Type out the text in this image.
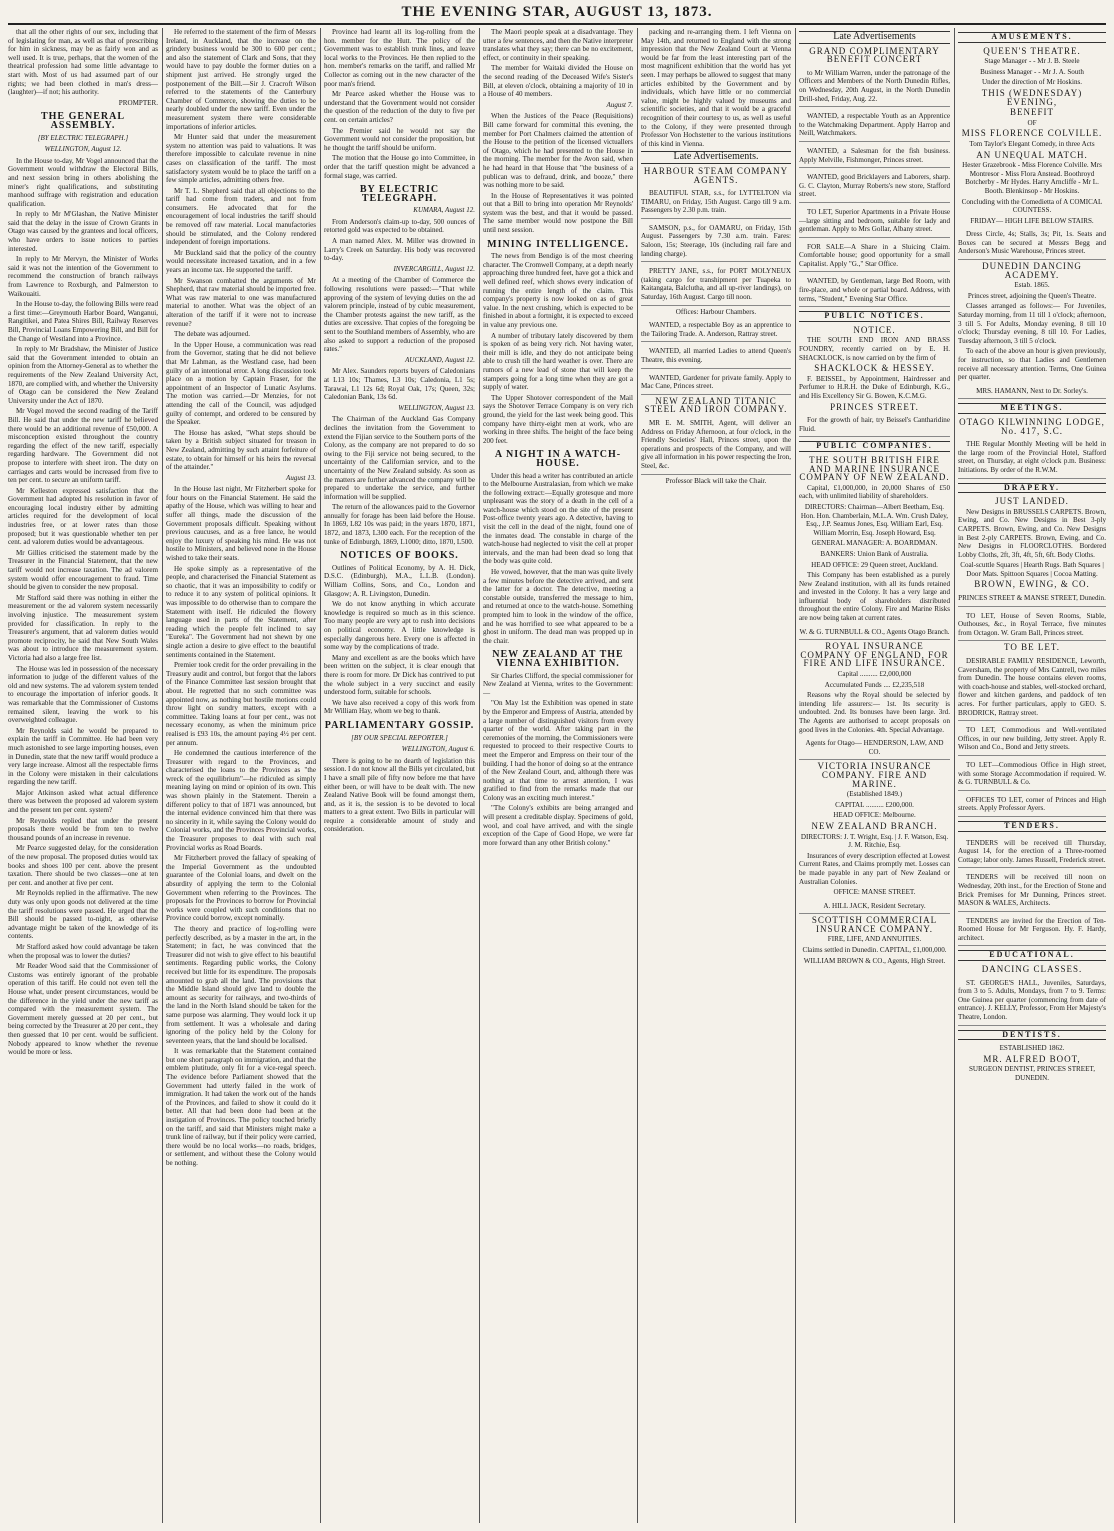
THE EVENING STAR, AUGUST 13, 1873.

that all the other rights of our sex, including that of legislating for man, as well as that of prescribing for him in sickness, may be as fairly won and as well used. It is true, perhaps, that the women of the theatrical profession had some little advantage to start with. Most of us had assumed part of our rights; we had been clothed in man's dress—(laughter)—if not; his authority.

PROMPTER.

THE GENERAL ASSEMBLY.
[BY ELECTRIC TELEGRAPH.]
WELLINGTON, August 12.

In the House to-day, Mr Vogel announced that the Government would withdraw the Electoral Bills, and next session bring in others abolishing the miner's right qualifications, and substituting manhood suffrage with registration and education qualification.

In reply to Mr M'Glashan, the Native Minister said that the delay in the issue of Crown Grants in Otago was caused by the grantees and local officers, who have orders to issue notices to parties interested.

In reply to Mr Mervyn, the Minister of Works said it was not the intention of the Government to recommend the construction of branch railways from Lawrence to Roxburgh, and Palmerston to Waikouaiti.

In the House to-day, the following Bills were read a first time:—Greymouth Harbor Board, Wanganui, Rangitikei, and Patea Shires Bill, Railway Reserves Bill, Provincial Loans Empowering Bill, and Bill for the Change of Westland into a Province.

In reply to Mr Bradshaw, the Minister of Justice said that the Government intended to obtain an opinion from the Attorney-General as to whether the requirements of the New Zealand University Act, 1870, are complied with, and whether the University of Otago can be considered the New Zealand University under the Act of 1870.

Mr Vogel moved the second reading of the Tariff Bill. He said that under the new tariff he believed there would be an additional revenue of £50,000. A misconception existed throughout the country regarding the effect of the new tariff, especially regarding hardware. The Government did not propose to interfere with sheet iron. The duty on carriages and carts would be increased from five to ten per cent. to secure an uniform tariff.

Mr Kelleston expressed satisfaction that the Government had adopted his resolution in favor of encouraging local industry either by admitting articles required for the development of local industries free, or at lower rates than those proposed; but it was questionable whether ten per cent. ad valorem duties would be advantageous.

Mr Gillies criticised the statement made by the Treasurer in the Financial Statement, that the new tariff would not increase taxation. The ad valorem system would offer encouragement to fraud. Time should be given to consider the new proposal.

Mr Stafford said there was nothing in either the measurement or the ad valorem system necessarily involving injustice. The measurement system provided for classification. In reply to the Treasurer's argument, that ad valorem duties would promote reciprocity, he said that New South Wales was about to introduce the measurement system. Victoria had also a large free list.

The House was led in possession of the necessary information to judge of the different values of the old and new systems. The ad valorem system tended to encourage the importation of inferior goods. It was remarkable that the Commissioner of Customs remained silent, leaving the work to his overweighted colleague.

Mr Reynolds said he would be prepared to explain the tariff in Committee. He had been very much astonished to see large importing houses, even in Dunedin, state that the new tariff would produce a very large increase. Almost all the respectable firms in the Colony were mistaken in their calculations regarding the new tariff.

Major Atkinson asked what actual difference there was between the proposed ad valorem system and the present ten per cent. system?

Mr Reynolds replied that under the present proposals there would be from ten to twelve thousand pounds of an increase in revenue.

Mr Pearce suggested delay, for the consideration of the new proposal. The proposed duties would tax books and shoes 100 per cent. above the present taxation. There should be two classes—one at ten per cent. and another at five per cent.

Mr Reynolds replied in the affirmative. The new duty was only upon goods not delivered at the time the tariff resolutions were passed. He urged that the Bill should be passed to-night, as otherwise advantage might be taken of the knowledge of its contents.

Mr Stafford asked how could advantage be taken when the proposal was to lower the duties?

Mr Reader Wood said that the Commissioner of Customs was entirely ignorant of the probable operation of this tariff. He could not even tell the House what, under present circumstances, would be the difference in the yield under the new tariff as compared with the measurement system. The Government merely guessed at 20 per cent., but being corrected by the Treasurer at 20 per cent., they then guessed that 10 per cent. would be sufficient. Nobody appeared to know whether the revenue would be more or less.

He referred to the statement of the firm of Messrs Ireland, in Auckland, that the increase on the grindery business would be 300 to 600 per cent.; and also the statement of Clark and Sons, that they would have to pay double the former duties on a shipment just arrived. He strongly urged the postponement of the Bill.—Sir J. Cracroft Wilson referred to the statements of the Canterbury Chamber of Commerce, showing the duties to be nearly doubled under the new tariff. Even under the measurement system there were considerable importations of inferior articles.

Mr Hunter said that under the measurement system no attention was paid to valuations. It was therefore impossible to calculate revenue in nine cases on classification of the tariff. The most satisfactory system would be to place the tariff on a few simple articles, admitting others free.

Mr T. L. Shepherd said that all objections to the tariff had come from traders, and not from consumers. He advocated that for the encouragement of local industries the tariff should be removed off raw material. Local manufactories should be stimulated, and the Colony rendered independent of foreign importations.

Mr Buckland said that the policy of the country would necessitate increased taxation, and in a few years an income tax. He supported the tariff.

Mr Swanson combatted the arguments of Mr Shepherd, that raw material should be imported free. What was raw material to one was manufactured material to another. What was the object of an alteration of the tariff if it were not to increase revenue?

The debate was adjourned.

In the Upper House, a communication was read from the Governor, stating that he did not believe that Mr Lahman, as the Westland case, had been guilty of an intentional error. A long discussion took place on a motion by Captain Fraser, for the appointment of an Inspector of Lunatic Asylums. The motion was carried.—Dr Menzies, for not attending the call of the Council, was adjudged guilty of contempt, and ordered to be censured by the Speaker.

The House has asked, "What steps should be taken by a British subject situated for treason in New Zealand, admitting by such attaint forfeiture of estate, to obtain for himself or his heirs the reversal of the attainder."

August 13.

In the House last night, Mr Fitzherbert spoke for four hours on the Financial Statement. He said the apathy of the House, which was willing to hear and suffer all things, made the discussion of the Government proposals difficult. Speaking without previous caucuses, and as a free lance, he would enjoy the luxury of speaking his mind. He was not hostile to Ministers, and believed none in the House wished to take their seats.

He spoke simply as a representative of the people, and characterised the Financial Statement as so chaotic, that it was an impossibility to codify or to reduce it to any system of political opinions. It was impossible to do otherwise than to compare the Statement with itself. He ridiculed the flowery language used in parts of the Statement, after reading which the people felt inclined to say "Eureka". The Government had not shewn by one single action a desire to give effect to the beautiful sentiments contained in the Statement.

Premier took credit for the order prevailing in the Treasury audit and control, but forgot that the labors of the Finance Committee last session brought that about. He regretted that no such committee was appointed now, as nothing but hostile motions could throw light on sundry matters, except with a committee. Taking loans at four per cent., was not necessary economy, as when the minimum price realised is £93 10s, the amount paying 4½ per cent. per annum.

He condemned the cautious interference of the Treasurer with regard to the Provinces, and characterised the loans to the Provinces as "the wreck of the equilibrium"—he ridiculed as simply meaning laying on mind or opinion of its own. This was shown plainly in the Statement. Therein a different policy to that of 1871 was announced, but the internal evidence convinced him that there was no sincerity in it, while saying the Colony would do Colonial works, and the Provinces Provincial works, the Treasurer proposes to deal with such real Provincial works as Road Boards.

Mr Fitzherbert proved the fallacy of speaking of the Imperial Government as the undoubted guarantee of the Colonial loans, and dwelt on the absurdity of applying the term to the Colonial Government when referring to the Provinces. The proposals for the Provinces to borrow for Provincial works were coupled with such conditions that no Province could borrow, except nominally.

The theory and practice of log-rolling were perfectly described, as by a master in the art, in the Statement; in fact, he was convinced that the Treasurer did not wish to give effect to his beautiful sentiments. Regarding public works, the Colony received but little for its expenditure. The proposals amounted to grab all the land. The provisions that the Middle Island should give land to double the amount as security for railways, and two-thirds of the land in the North Island should be taken for the same purpose was alarming. They would lock it up from settlement. It was a wholesale and daring ignoring of the policy held by the Colony for seventeen years, that the land should be localised.

It was remarkable that the Statement contained but one short paragraph on immigration, and that the emblem plutitude, only fit for a vice-regal speech. The evidence before Parliament showed that the Government had utterly failed in the work of immigration. It had taken the work out of the hands of the Provinces, and failed to show it could do it better. All that had been done had been at the instigation of Provinces. The policy touched briefly on the tariff, and said that Ministers might make a trunk line of railway, but if their policy were carried, there would be no local works—no roads, bridges, or settlement, and without these the Colony would be nothing.

Province had learnt all its log-rolling from the hon. member for the Hutt. The policy of the Government was to establish trunk lines, and leave local works to the Provinces. He then replied to the hon. member's remarks on the tariff, and rallied Mr Collector as coming out in the new character of the poor man's friend.

Mr Pearce asked whether the House was to understand that the Government would not consider the question of the reduction of the duty to five per cent. on certain articles?

The Premier said he would not say the Government would not consider the proposition, but he thought the tariff should be uniform.

The motion that the House go into Committee, in order that the tariff question might be advanced a formal stage, was carried.

BY ELECTRIC TELEGRAPH.
KUMARA, August 12.

From Anderson's claim-up to-day, 500 ounces of retorted gold was expected to be obtained.

A man named Alex. M. Miller was drowned in Larry's Creek on Saturday. His body was recovered to-day.

INVERCARGILL, August 12.

At a meeting of the Chamber of Commerce the following resolutions were passed:—"That while approving of the system of levying duties on the ad valorem principle, instead of by cubic measurement, the Chamber protests against the new tariff, as the duties are excessive. That copies of the foregoing be sent to the Southland members of Assembly, who are also asked to support a reduction of the proposed rates."

AUCKLAND, August 12.

Mr Alex. Saunders reports buyers of Caledonians at L13 10s; Thames, L3 10s; Caledonia, L1 5s; Tarawai, L1 12s 6d; Royal Oak, 17s; Queen, 32s; Caledonian Bank, 13s 6d.

WELLINGTON, August 13.

The Chairman of the Auckland Gas Company declines the invitation from the Government to extend the Fijian service to the Southern ports of the Colony, as the company are not prepared to do so owing to the Fiji service not being secured, to the uncertainty of the Californian service, and to the uncertainty of the New Zealand subsidy. As soon as the matters are further advanced the company will be prepared to undertake the service, and further information will be supplied.

The return of the allowances paid to the Governor annually for forage has been laid before the House. In 1869, L82 10s was paid; in the years 1870, 1871, 1872, and 1873, L300 each. For the reception of the tunke of Edinburgh, 1869, L1000; ditto, 1870, L500.

NOTICES OF BOOKS.

Outlines of Political Economy, by A. H. Dick, D.S.C. (Edinburgh), M.A., L.L.B. (London). William Collins, Sons, and Co., London and Glasgow; A. R. Livingston, Dunedin.

We do not know anything in which accurate knowledge is required so much as in this science. Too many people are very apt to rush into decisions on political economy. A little knowledge is especially dangerous here. Every one is affected in some way by the complications of trade.

Many and excellent as are the books which have been written on the subject, it is clear enough that there is room for more. Dr Dick has contrived to put the whole subject in a very succinct and easily understood form, suitable for schools.

We have also received a copy of this work from Mr William Hay, whom we beg to thank.

PARLIAMENTARY GOSSIP.
[BY OUR SPECIAL REPORTER.]
WELLINGTON, August 6.

There is going to be no dearth of legislation this session. I do not know all the Bills yet circulated, but I have a small pile of fifty now before me that have either been, or will have to be dealt with. The new Zealand Native Book will be found amongst them, and, as it is, the session is to be devoted to local matters to a great extent. Two Bills in particular will require a considerable amount of study and consideration.

The Maori people speak at a disadvantage. They utter a few sentences, and then the Native interpreter translates what they say; there can be no excitement, effect, or continuity in their speaking.

The member for Waitaki divided the House on the second reading of the Deceased Wife's Sister's Bill, at eleven o'clock, obtaining a majority of 10 in a House of 40 members.

August 7.

When the Justices of the Peace (Requisitions) Bill came forward for committal this evening, the member for Port Chalmers claimed the attention of the House to the petition of the licensed victuallers of Otago, which he had presented to the House in the morning. The member for the Avon said, when he had heard in that House that "the business of a publican was to defraud, drink, and booze," there was nothing more to be said.

In the House of Representatives it was pointed out that a Bill to bring into operation Mr Reynolds' system was the best, and that it would be passed. The same member would now postpone the Bill until next session.

MINING INTELLIGENCE.

The news from Bendigo is of the most cheering character. The Cromwell Company, at a depth nearly approaching three hundred feet, have got a thick and well defined reef, which shows every indication of running the entire length of the claim. This company's property is now looked on as of great value. In the next crushing, which is expected to be finished in about a fortnight, it is expected to exceed in value any previous one.

A number of tributary lately discovered by them is spoken of as being very rich. Not having water, their mill is idle, and they do not anticipate being able to crush till the hard weather is over. There are rumors of a new lead of stone that will keep the stampers going for a long time when they are got a supply of water.

The Upper Shotover correspondent of the Mail says the Shotover Terrace Company is on very rich ground, the yield for the last week being good. This company have thirty-eight men at work, who are working in three shifts. The height of the face being 200 feet.

A NIGHT IN A WATCH-HOUSE.

Under this head a writer has contributed an article to the Melbourne Australasian, from which we make the following extract:—Equally grotesque and more unpleasant was the story of a death in the cell of a watch-house which stood on the site of the present Post-office twenty years ago. A detective, having to visit the cell in the dead of the night, found one of the inmates dead. The constable in charge of the watch-house had neglected to visit the cell at proper intervals, and the man had been dead so long that the body was quite cold.

He vowed, however, that the man was quite lively a few minutes before the detective arrived, and sent the latter for a doctor. The detective, meeting a constable outside, transferred the message to him, and returned at once to the watch-house. Something prompted him to look in the window of the office, and he was horrified to see what appeared to be a ghost in uniform. The dead man was propped up in the chair.

NEW ZEALAND AT THE VIENNA EXHIBITION.

Sir Charles Clifford, the special commissioner for New Zealand at Vienna, writes to the Government:—

"On May 1st the Exhibition was opened in state by the Emperor and Empress of Austria, attended by a large number of distinguished visitors from every quarter of the world. After taking part in the ceremonies of the morning, the Commissioners were requested to proceed to their respective Courts to meet the Emperor and Empress on their tour of the building. I had the honor of doing so at the entrance of the New Zealand Court, and, although there was nothing at that time to arrest attention, I was gratified to find from the remarks made that our Colony was an exciting much interest."

"The Colony's exhibits are being arranged and will present a creditable display. Specimens of gold, wool, and coal have arrived, and with the single exception of the Cape of Good Hope, we were far more forward than any other British colony."

packing and re-arranging them. I left Vienna on May 14th, and returned to England with the strong impression that the New Zealand Court at Vienna would be far from the least interesting part of the most magnificent exhibition that the world has yet seen. I may perhaps be allowed to suggest that many articles exhibited by the Government and by individuals, which have little or no commercial value, might be highly valued by museums and scientific societies, and that it would be a graceful recognition of their courtesy to us, as well as useful to the Colony, if they were presented through Professor Von Hochstetter to the various institutions of this kind in Vienna.

Late Advertisements.
HARBOUR STEAM COMPANY AGENTS.

BEAUTIFUL STAR, s.s., for LYTTELTON via TIMARU, on Friday, 15th August. Cargo till 9 a.m. Passengers by 2.30 p.m. train.

SAMSON, p.s., for OAMARU, on Friday, 15th August. Passengers by 7.30 a.m. train. Fares: Saloon, 15s; Steerage, 10s (including rail fare and landing charge).

PRETTY JANE, s.s., for PORT MOLYNEUX (taking cargo for transhipment per Tuapeka to Kaitangata, Balclutha, and all up-river landings), on Saturday, 16th August. Cargo till noon.

Offices: Harbour Chambers.

WANTED, a respectable Boy as an apprentice to the Tailoring Trade. A. Anderson, Rattray street.

WANTED, all married Ladies to attend Queen's Theatre, this evening.

WANTED, Gardener for private family. Apply to Mac Cane, Princes street.

NEW ZEALAND TITANIC STEEL AND IRON COMPANY.

MR E. M. SMITH, Agent, will deliver an Address on Friday Afternoon, at four o'clock, in the Friendly Societies' Hall, Princes street, upon the operations and prospects of the Company, and will give all information in his power respecting the Iron, Steel, &c.

Professor Black will take the Chair.

Late Advertisements
GRAND COMPLIMENTARY BENEFIT CONCERT

to Mr William Warren, under the patronage of the Officers and Members of the North Dunedin Rifles, on Wednesday, 20th August, in the North Dunedin Drill-shed, Friday, Aug. 22.

WANTED, a respectable Youth as an Apprentice to the Watchmaking Department. Apply Harrop and Neill, Watchmakers.

WANTED, a Salesman for the fish business. Apply Melville, Fishmonger, Princes street.

WANTED, good Bricklayers and Laborers, sharp. G. C. Clayton, Murray Roberts's new store, Stafford street.

TO LET, Superior Apartments in a Private House—large sitting and bedroom, suitable for lady and gentleman. Apply to Mrs Gollar, Albany street.

FOR SALE—A Share in a Sluicing Claim. Comfortable house; good opportunity for a small Capitalist. Apply "G.," Star Office.

WANTED, by Gentleman, large Bed Room, with fire-place, and whole or partial board. Address, with terms, "Student," Evening Star Office.

PUBLIC NOTICES.
NOTICE.

THE SOUTH END IRON AND BRASS FOUNDRY, recently carried on by E. H. SHACKLOCK, is now carried on by the firm of

SHACKLOCK & HESSEY.

F. BEISSEL, by Appointment, Hairdresser and Perfumer to H.R.H. the Duke of Edinburgh, K.G., and His Excellency Sir G. Bowen, K.C.M.G.

PRINCES STREET.

For the growth of hair, try Beissel's Cantharidine Fluid.

PUBLIC COMPANIES.
THE SOUTH BRITISH FIRE AND MARINE INSURANCE COMPANY OF NEW ZEALAND.

Capital, £1,000,000, in 20,000 Shares of £50 each, with unlimited liability of shareholders.

DIRECTORS: Chairman—Albert Beetham, Esq. Hon. Hon. Chamberlain, M.L.A. Wm. Crush Daley, Esq., J.P. Seamus Jones, Esq. William Earl, Esq. William Morrin, Esq. Joseph Howard, Esq.

GENERAL MANAGER: A. BOARDMAN.

BANKERS: Union Bank of Australia.

HEAD OFFICE: 29 Queen street, Auckland.

This Company has been established as a purely New Zealand institution, with all its funds retained and invested in the Colony. It has a very large and influential body of shareholders distributed throughout the entire Colony. Fire and Marine Risks are now being taken at current rates.

W. & G. TURNBULL & CO., Agents Otago Branch.

ROYAL INSURANCE COMPANY OF ENGLAND, FOR FIRE AND LIFE INSURANCE.

Capital .......... £2,000,000

Accumulated Funds .... £2,235,518

Reasons why the Royal should be selected by intending life assurers:— 1st. Its security is undoubted. 2nd. Its bonuses have been large. 3rd. The Agents are authorised to accept proposals on good lives in the Colonies. 4th. Special Advantage.

Agents for Otago— HENDERSON, LAW, AND CO.

VICTORIA INSURANCE COMPANY. FIRE AND MARINE.

(Established 1849.)

CAPITAL .......... £200,000.

HEAD OFFICE: Melbourne.

NEW ZEALAND BRANCH.

DIRECTORS: J. T. Wright, Esq. | J. F. Watson, Esq. J. M. Ritchie, Esq.

Insurances of every description effected at Lowest Current Rates, and Claims promptly met. Losses can be made payable in any part of New Zealand or Australian Colonies.

OFFICE: MANSE STREET.

A. HILL JACK, Resident Secretary.

SCOTTISH COMMERCIAL INSURANCE COMPANY.

FIRE, LIFE, AND ANNUITIES.

Claims settled in Dunedin. CAPITAL, £1,000,000.

WILLIAM BROWN & CO., Agents, High Street.

AMUSEMENTS.
QUEEN'S THEATRE.

Stage Manager - - Mr J. B. Steele

Business Manager - - Mr J. A. South

Under the direction of Mr Hoskins.

THIS (WEDNESDAY) EVENING,
BENEFIT

OF

MISS FLORENCE COLVILLE.

Tom Taylor's Elegant Comedy, in three Acts

AN UNEQUAL MATCH.

Hester Grazebrook - Miss Florence Colville. Mrs Montresor - Miss Flora Anstead. Boothroyd Botcherby - Mr Hydes. Harry Arncliffe - Mr L. Booth. Blenkinsop - Mr Hoskins.

Concluding with the Comedietta of A COMICAL COUNTESS.

FRIDAY— HIGH LIFE BELOW STAIRS.

Dress Circle, 4s; Stalls, 3s; Pit, 1s. Seats and Boxes can be secured at Messrs Begg and Anderson's Music Warehouse, Princes street.

DUNEDIN DANCING ACADEMY.

Estab. 1865.

Princes street, adjoining the Queen's Theatre.

Classes arranged as follows:— For Juveniles, Saturday morning, from 11 till 1 o'clock; afternoon, 3 till 5. For Adults, Monday evening, 8 till 10 o'clock; Thursday evening, 8 till 10. For Ladies, Tuesday afternoon, 3 till 5 o'clock.

To each of the above an hour is given previously, for instruction, so that Ladies and Gentlemen receive all necessary attention. Terms, One Guinea per quarter.

MRS. HAMANN, Next to Dr. Sorley's.

MEETINGS.
OTAGO KILWINNING LODGE, No. 417, S.C.

THE Regular Monthly Meeting will be held in the large room of the Provincial Hotel, Stafford street, on Thursday, at eight o'clock p.m. Business: Initiations. By order of the R.W.M.

DRAPERY.
JUST LANDED.

New Designs in BRUSSELS CARPETS. Brown, Ewing, and Co. New Designs in Best 3-ply CARPETS. Brown, Ewing, and Co. New Designs in Best 2-ply CARPETS. Brown, Ewing, and Co. New Designs in FLOORCLOTHS. Bordered Lobby Cloths, 2ft, 3ft, 4ft, 5ft, 6ft. Body Cloths.

Coal-scuttle Squares | Hearth Rugs. Bath Squares | Door Mats. Spittoon Squares | Cocoa Matting.

BROWN, EWING, & CO.

PRINCES STREET & MANSE STREET, Dunedin.

TO LET, House of Seven Rooms, Stable, Outhouses, &c., in Royal Terrace, five minutes from Octagon. W. Gram Ball, Princes street.

TO BE LET.

DESIRABLE FAMILY RESIDENCE, Leworth, Caversham, the property of Mrs Cantrell, two miles from Dunedin. The house contains eleven rooms, with coach-house and stables, well-stocked orchard, flower and kitchen gardens, and paddock of ten acres. For further particulars, apply to GEO. S. BRODRICK, Rattray street.

TO LET, Commodious and Well-ventilated Offices, in our new building, Jetty street. Apply R. Wilson and Co., Bond and Jetty streets.

TO LET—Commodious Office in High street, with some Storage Accommodation if required. W. & G. TURNBULL & Co.

OFFICES TO LET, corner of Princes and High streets. Apply Professor Ayers.

TENDERS.

TENDERS will be received till Thursday, August 14, for the erection of a Three-roomed Cottage; labor only. James Russell, Frederick street.

TENDERS will be received till noon on Wednesday, 20th inst., for the Erection of Stone and Brick Premises for Mr Dunning, Princes street. MASON & WALES, Architects.

TENDERS are invited for the Erection of Ten-Roomed House for Mr Ferguson. Hy. F. Hardy, architect.

EDUCATIONAL.
DANCING CLASSES.

ST. GEORGE'S HALL, Juveniles, Saturdays, from 3 to 5. Adults, Mondays, from 7 to 9. Terms: One Guinea per quarter (commencing from date of entrance). J. KELLY, Professor, From Her Majesty's Theatre, London.

DENTISTS.

ESTABLISHED 1862.

MR. ALFRED BOOT,

SURGEON DENTIST, PRINCES STREET, DUNEDIN.
